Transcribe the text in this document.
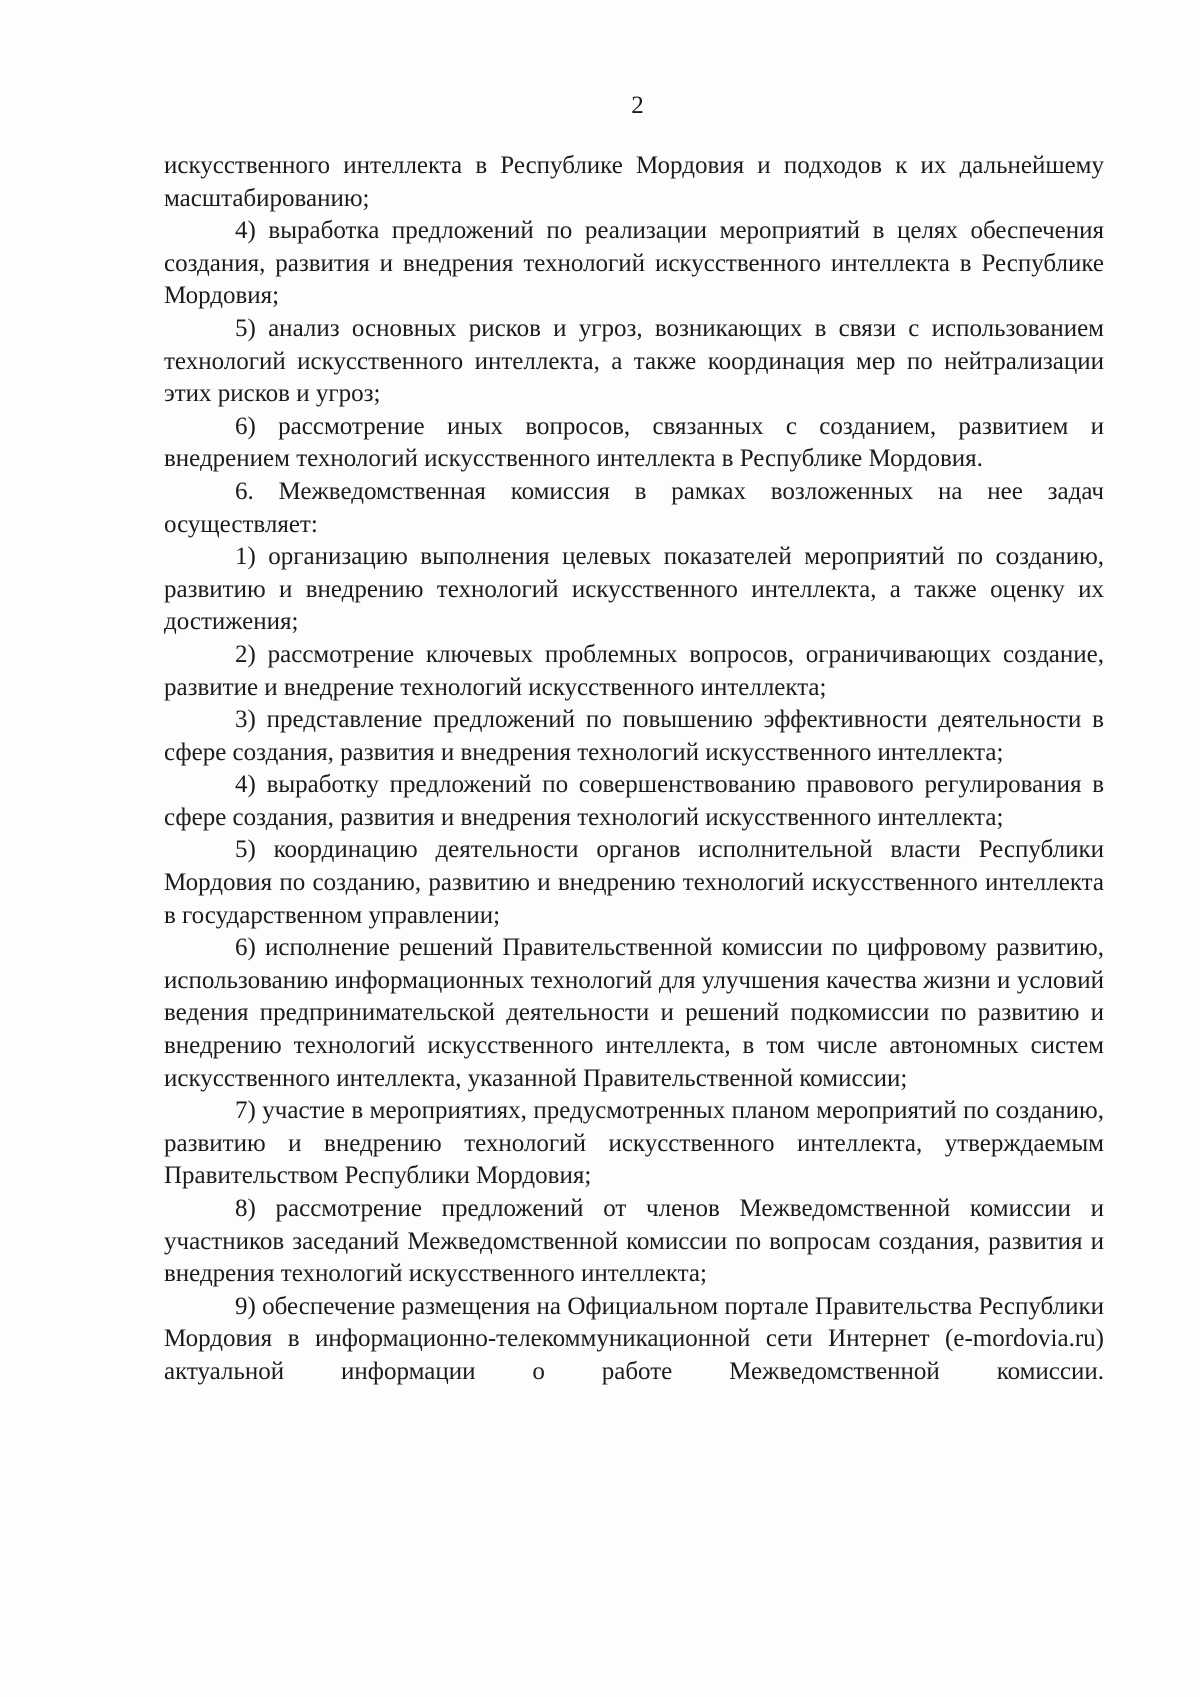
2

искусственного интеллекта в Республике Мордовия и подходов к их дальнейшему масштабированию;

4) выработка предложений по реализации мероприятий в целях обеспечения создания, развития и внедрения технологий искусственного интеллекта в Республике Мордовия;

5) анализ основных рисков и угроз, возникающих в связи с использованием технологий искусственного интеллекта, а также координация мер по нейтрализации этих рисков и угроз;

6) рассмотрение иных вопросов, связанных с созданием, развитием и внедрением технологий искусственного интеллекта в Республике Мордовия.

6. Межведомственная комиссия в рамках возложенных на нее задач осуществляет:

1) организацию выполнения целевых показателей мероприятий по созданию, развитию и внедрению технологий искусственного интеллекта, а также оценку их достижения;

2) рассмотрение ключевых проблемных вопросов, ограничивающих создание, развитие и внедрение технологий искусственного интеллекта;

3) представление предложений по повышению эффективности деятельности в сфере создания, развития и внедрения технологий искусственного интеллекта;

4) выработку предложений по совершенствованию правового регулирования в сфере создания, развития и внедрения технологий искусственного интеллекта;

5) координацию деятельности органов исполнительной власти Республики Мордовия по созданию, развитию и внедрению технологий искусственного интеллекта в государственном управлении;

6) исполнение решений Правительственной комиссии по цифровому развитию, использованию информационных технологий для улучшения качества жизни и условий ведения предпринимательской деятельности и решений подкомиссии по развитию и внедрению технологий искусственного интеллекта, в том числе автономных систем искусственного интеллекта, указанной Правительственной комиссии;

7) участие в мероприятиях, предусмотренных планом мероприятий по созданию, развитию и внедрению технологий искусственного интеллекта, утверждаемым Правительством Республики Мордовия;

8) рассмотрение предложений от членов Межведомственной комиссии и участников заседаний Межведомственной комиссии по вопросам создания, развития и внедрения технологий искусственного интеллекта;

9) обеспечение размещения на Официальном портале Правительства Республики Мордовия в информационно-телекоммуникационной сети Интернет (e-mordovia.ru) актуальной информации о работе Межведомственной комиссии.
